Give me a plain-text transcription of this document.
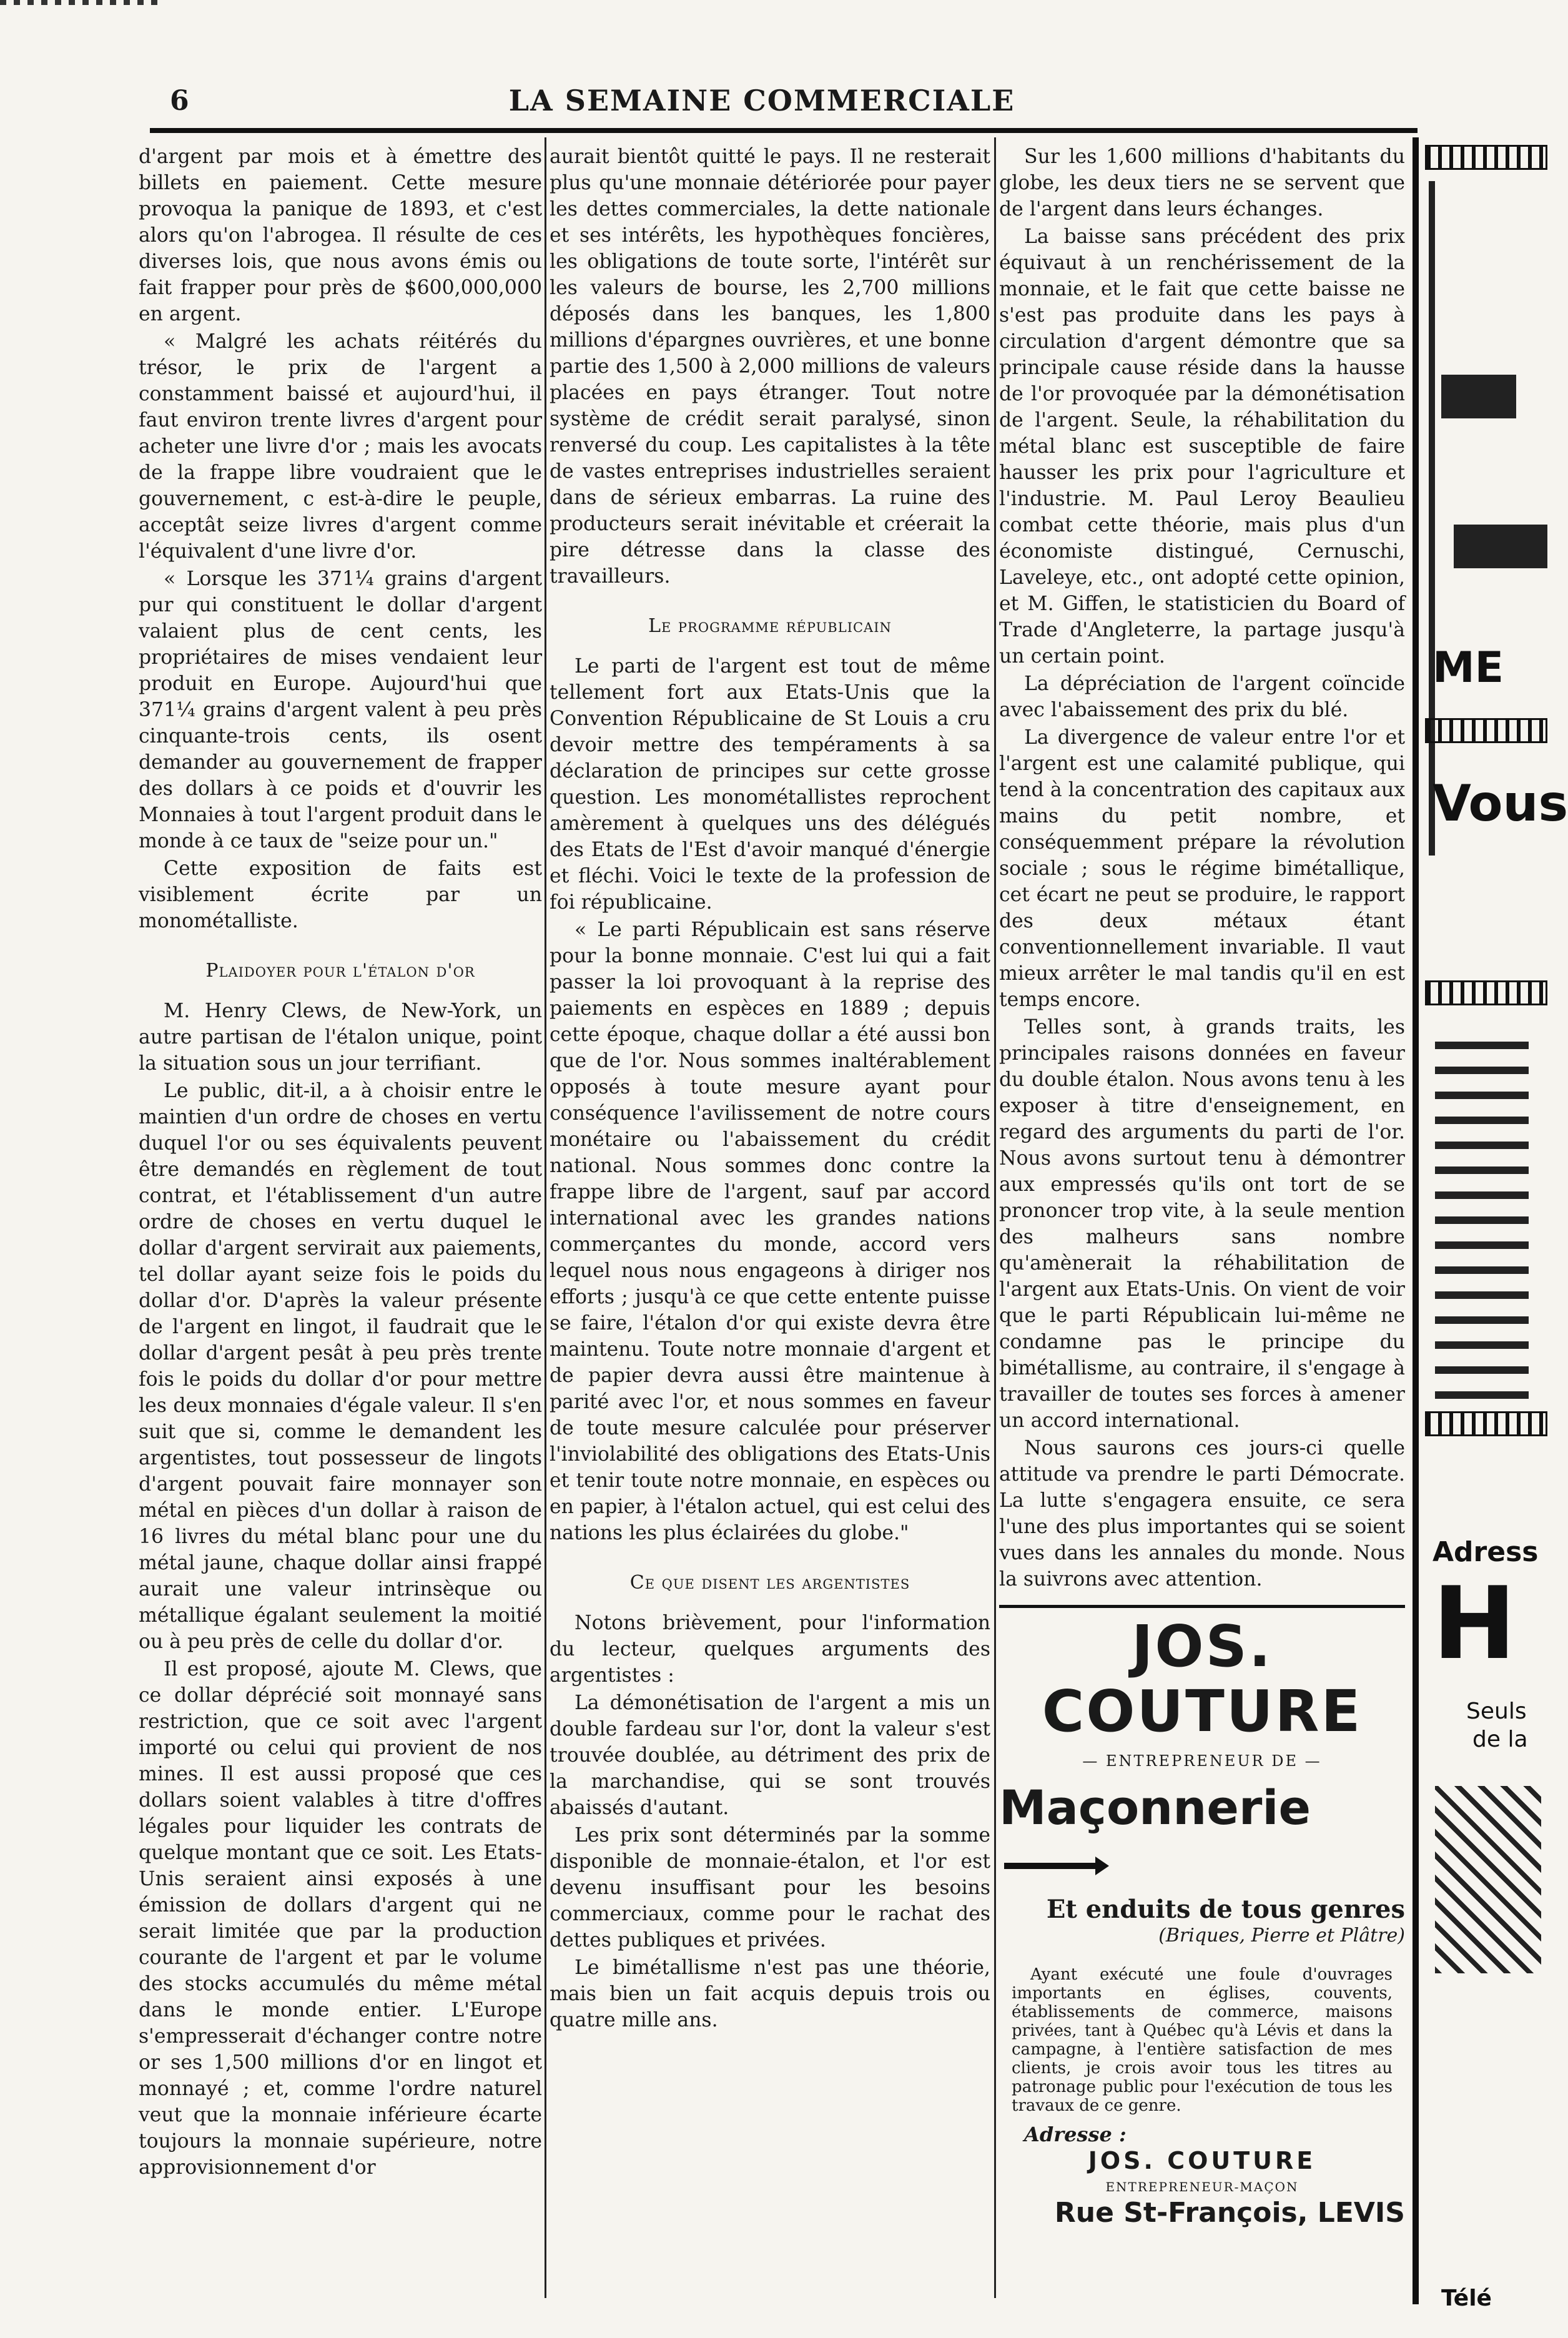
6	LA SEMAINE COMMERCIALE

d'argent par mois et à émettre des billets en paiement. Cette mesure provoqua la panique de 1893, et c'est alors qu'on l'abrogea. Il résulte de ces diverses lois, que nous avons émis ou fait frapper pour près de $600,000,000 en argent.

« Malgré les achats réitérés du trésor, le prix de l'argent a constamment baissé et aujourd'hui, il faut environ trente livres d'argent pour acheter une livre d'or ; mais les avocats de la frappe libre voudraient que le gouvernement, c est-à-dire le peuple, acceptât seize livres d'argent comme l'équivalent d'une livre d'or.

« Lorsque les 371¼ grains d'argent pur qui constituent le dollar d'argent valaient plus de cent cents, les propriétaires de mises vendaient leur produit en Europe. Aujourd'hui que 371¼ grains d'argent valent à peu près cinquante-trois cents, ils osent demander au gouvernement de frapper des dollars à ce poids et d'ouvrir les Monnaies à tout l'argent produit dans le monde à ce taux de "seize pour un."

Cette exposition de faits est visiblement écrite par un monométalliste.

Plaidoyer pour l'étalon d'or

M. Henry Clews, de New-York, un autre partisan de l'étalon unique, point la situation sous un jour terrifiant.

Le public, dit-il, a à choisir entre le maintien d'un ordre de choses en vertu duquel l'or ou ses équivalents peuvent être demandés en règlement de tout contrat, et l'établissement d'un autre ordre de choses en vertu duquel le dollar d'argent servirait aux paiements, tel dollar ayant seize fois le poids du dollar d'or. D'après la valeur présente de l'argent en lingot, il faudrait que le dollar d'argent pesât à peu près trente fois le poids du dollar d'or pour mettre les deux monnaies d'égale valeur. Il s'en suit que si, comme le demandent les argentistes, tout possesseur de lingots d'argent pouvait faire monnayer son métal en pièces d'un dollar à raison de 16 livres du métal blanc pour une du métal jaune, chaque dollar ainsi frappé aurait une valeur intrinsèque ou métallique égalant seulement la moitié ou à peu près de celle du dollar d'or.

Il est proposé, ajoute M. Clews, que ce dollar déprécié soit monnayé sans restriction, que ce soit avec l'argent importé ou celui qui provient de nos mines. Il est aussi proposé que ces dollars soient valables à titre d'offres légales pour liquider les contrats de quelque montant que ce soit. Les Etats-Unis seraient ainsi exposés à une émission de dollars d'argent qui ne serait limitée que par la production courante de l'argent et par le volume des stocks accumulés du même métal dans le monde entier. L'Europe s'empresserait d'échanger contre notre or ses 1,500 millions d'or en lingot et monnayé ; et, comme l'ordre naturel veut que la monnaie inférieure écarte toujours la monnaie supérieure, notre approvisionnement d'or

aurait bientôt quitté le pays. Il ne resterait plus qu'une monnaie détériorée pour payer les dettes commerciales, la dette nationale et ses intérêts, les hypothèques foncières, les obligations de toute sorte, l'intérêt sur les valeurs de bourse, les 2,700 millions déposés dans les banques, les 1,800 millions d'épargnes ouvrières, et une bonne partie des 1,500 à 2,000 millions de valeurs placées en pays étranger. Tout notre système de crédit serait paralysé, sinon renversé du coup. Les capitalistes à la tête de vastes entreprises industrielles seraient dans de sérieux embarras. La ruine des producteurs serait inévitable et créerait la pire détresse dans la classe des travailleurs.

Le programme républicain

Le parti de l'argent est tout de même tellement fort aux Etats-Unis que la Convention Républicaine de St Louis a cru devoir mettre des tempéraments à sa déclaration de principes sur cette grosse question. Les monométallistes reprochent amèrement à quelques uns des délégués des Etats de l'Est d'avoir manqué d'énergie et fléchi. Voici le texte de la profession de foi républicaine.

« Le parti Républicain est sans réserve pour la bonne monnaie. C'est lui qui a fait passer la loi provoquant à la reprise des paiements en espèces en 1889 ; depuis cette époque, chaque dollar a été aussi bon que de l'or. Nous sommes inaltérablement opposés à toute mesure ayant pour conséquence l'avilissement de notre cours monétaire ou l'abaissement du crédit national. Nous sommes donc contre la frappe libre de l'argent, sauf par accord international avec les grandes nations commerçantes du monde, accord vers lequel nous nous engageons à diriger nos efforts ; jusqu'à ce que cette entente puisse se faire, l'étalon d'or qui existe devra être maintenu. Toute notre monnaie d'argent et de papier devra aussi être maintenue à parité avec l'or, et nous sommes en faveur de toute mesure calculée pour préserver l'inviolabilité des obligations des Etats-Unis et tenir toute notre monnaie, en espèces ou en papier, à l'étalon actuel, qui est celui des nations les plus éclairées du globe."

Ce que disent les argentistes

Notons brièvement, pour l'information du lecteur, quelques arguments des argentistes :

La démonétisation de l'argent a mis un double fardeau sur l'or, dont la valeur s'est trouvée doublée, au détriment des prix de la marchandise, qui se sont trouvés abaissés d'autant.

Les prix sont déterminés par la somme disponible de monnaie-étalon, et l'or est devenu insuffisant pour les besoins commerciaux, comme pour le rachat des dettes publiques et privées.

Le bimétallisme n'est pas une théorie, mais bien un fait acquis depuis trois ou quatre mille ans.

Sur les 1,600 millions d'habitants du globe, les deux tiers ne se servent que de l'argent dans leurs échanges.

La baisse sans précédent des prix équivaut à un renchérissement de la monnaie, et le fait que cette baisse ne s'est pas produite dans les pays à circulation d'argent démontre que sa principale cause réside dans la hausse de l'or provoquée par la démonétisation de l'argent. Seule, la réhabilitation du métal blanc est susceptible de faire hausser les prix pour l'agriculture et l'industrie. M. Paul Leroy Beaulieu combat cette théorie, mais plus d'un économiste distingué, Cernuschi, Laveleye, etc., ont adopté cette opinion, et M. Giffen, le statisticien du Board of Trade d'Angleterre, la partage jusqu'à un certain point.

La dépréciation de l'argent coïncide avec l'abaissement des prix du blé.

La divergence de valeur entre l'or et l'argent est une calamité publique, qui tend à la concentration des capitaux aux mains du petit nombre, et conséquemment prépare la révolution sociale ; sous le régime bimétallique, cet écart ne peut se produire, le rapport des deux métaux étant conventionnellement invariable. Il vaut mieux arrêter le mal tandis qu'il en est temps encore.

Telles sont, à grands traits, les principales raisons données en faveur du double étalon. Nous avons tenu à les exposer à titre d'enseignement, en regard des arguments du parti de l'or. Nous avons surtout tenu à démontrer aux empressés qu'ils ont tort de se prononcer trop vite, à la seule mention des malheurs sans nombre qu'amènerait la réhabilitation de l'argent aux Etats-Unis. On vient de voir que le parti Républicain lui-même ne condamne pas le principe du bimétallisme, au contraire, il s'engage à travailler de toutes ses forces à amener un accord international.

Nous saurons ces jours-ci quelle attitude va prendre le parti Démocrate. La lutte s'engagera ensuite, ce sera l'une des plus importantes qui se soient vues dans les annales du monde. Nous la suivrons avec attention.

JOS. COUTURE
— ENTREPRENEUR DE —
Maçonnerie
Et enduits de tous genres
(Briques, Pierre et Plâtre)
Ayant exécuté une foule d'ouvrages importants en églises, couvents, établissements de commerce, maisons privées, tant à Québec qu'à Lévis et dans la campagne, à l'entière satisfaction de mes clients, je crois avoir tous les titres au patronage public pour l'exécution de tous les travaux de ce genre.
Adresse :
JOS. COUTURE
ENTREPRENEUR-MAÇON
Rue St-François, LEVIS
ME
Vous
Adress
H
Seuls
de la
Télé
